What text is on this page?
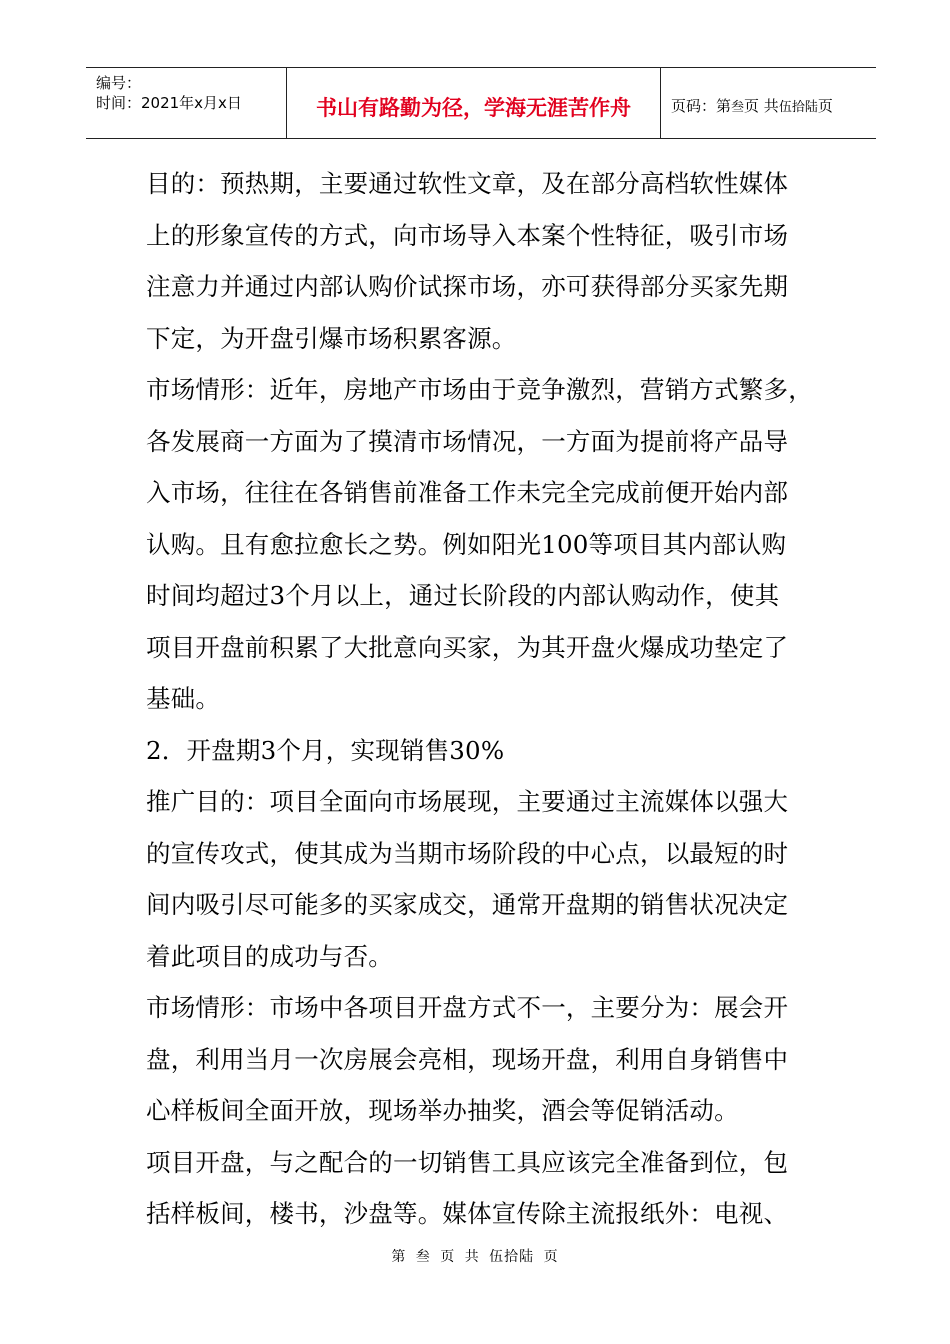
编号：
时间：2021年x月x日	书山有路勤为径，学海无涯苦作舟	页码：第叁页 共伍拾陆页
目的：预热期，主要通过软性文章，及在部分高档软性媒体
上的形象宣传的方式，向市场导入本案个性特征，吸引市场
注意力并通过内部认购价试探市场，亦可获得部分买家先期
下定，为开盘引爆市场积累客源。
市场情形：近年，房地产市场由于竞争激烈，营销方式繁多，
各发展商一方面为了摸清市场情况，一方面为提前将产品导
入市场，往往在各销售前准备工作未完全完成前便开始内部
认购。且有愈拉愈长之势。例如阳光100等项目其内部认购
时间均超过3个月以上，通过长阶段的内部认购动作，使其
项目开盘前积累了大批意向买家，为其开盘火爆成功垫定了
基础。
2．开盘期3个月，实现销售30%
推广目的：项目全面向市场展现，主要通过主流媒体以强大
的宣传攻式，使其成为当期市场阶段的中心点，以最短的时
间内吸引尽可能多的买家成交，通常开盘期的销售状况决定
着此项目的成功与否。
市场情形：市场中各项目开盘方式不一，主要分为：展会开
盘，利用当月一次房展会亮相，现场开盘，利用自身销售中
心样板间全面开放，现场举办抽奖，酒会等促销活动。
项目开盘，与之配合的一切销售工具应该完全准备到位，包
括样板间，楼书，沙盘等。媒体宣传除主流报纸外：电视、
第 叁 页 共 伍拾陆 页
